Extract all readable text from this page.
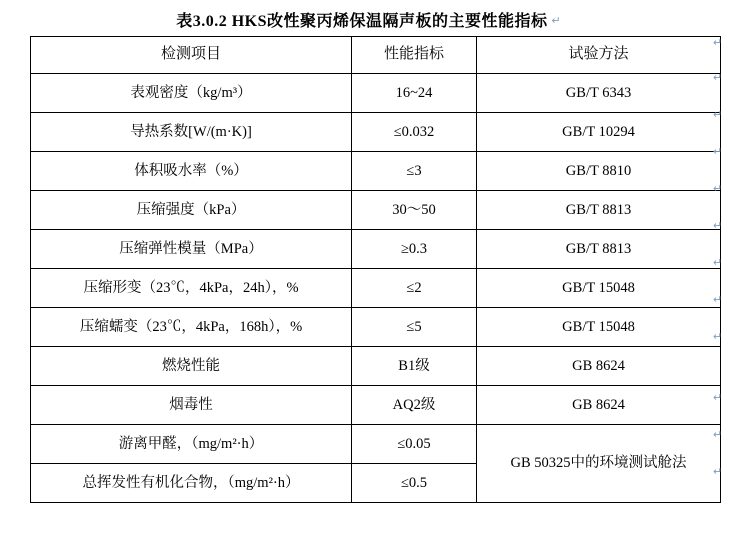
表3.0.2 HKS改性聚丙烯保温隔声板的主要性能指标 ↵
检测项目	性能指标	试验方法

表观密度（kg/m³）	16~24	GB/T 6343

导热系数[W/(m·K)]	≤0.032	GB/T 10294

体积吸水率（%）	≤3	GB/T 8810

压缩强度（kPa）	30～50	GB/T 8813

压缩弹性模量（MPa）	≥0.3	GB/T 8813

压缩形变（23℃，4kPa，24h），%	≤2	GB/T 15048

压缩蠕变（23℃，4kPa，168h），%	≤5	GB/T 15048

燃烧性能	B1级	GB 8624

烟毒性	AQ2级	GB 8624

游离甲醛，（mg/m²·h）	≤0.05	GB 50325中的环境测试舱法

总挥发性有机化合物，（mg/m²·h）	≤0.5	
↵
↵
↵
↵
↵
↵
↵
↵
↵
↵
↵
↵
